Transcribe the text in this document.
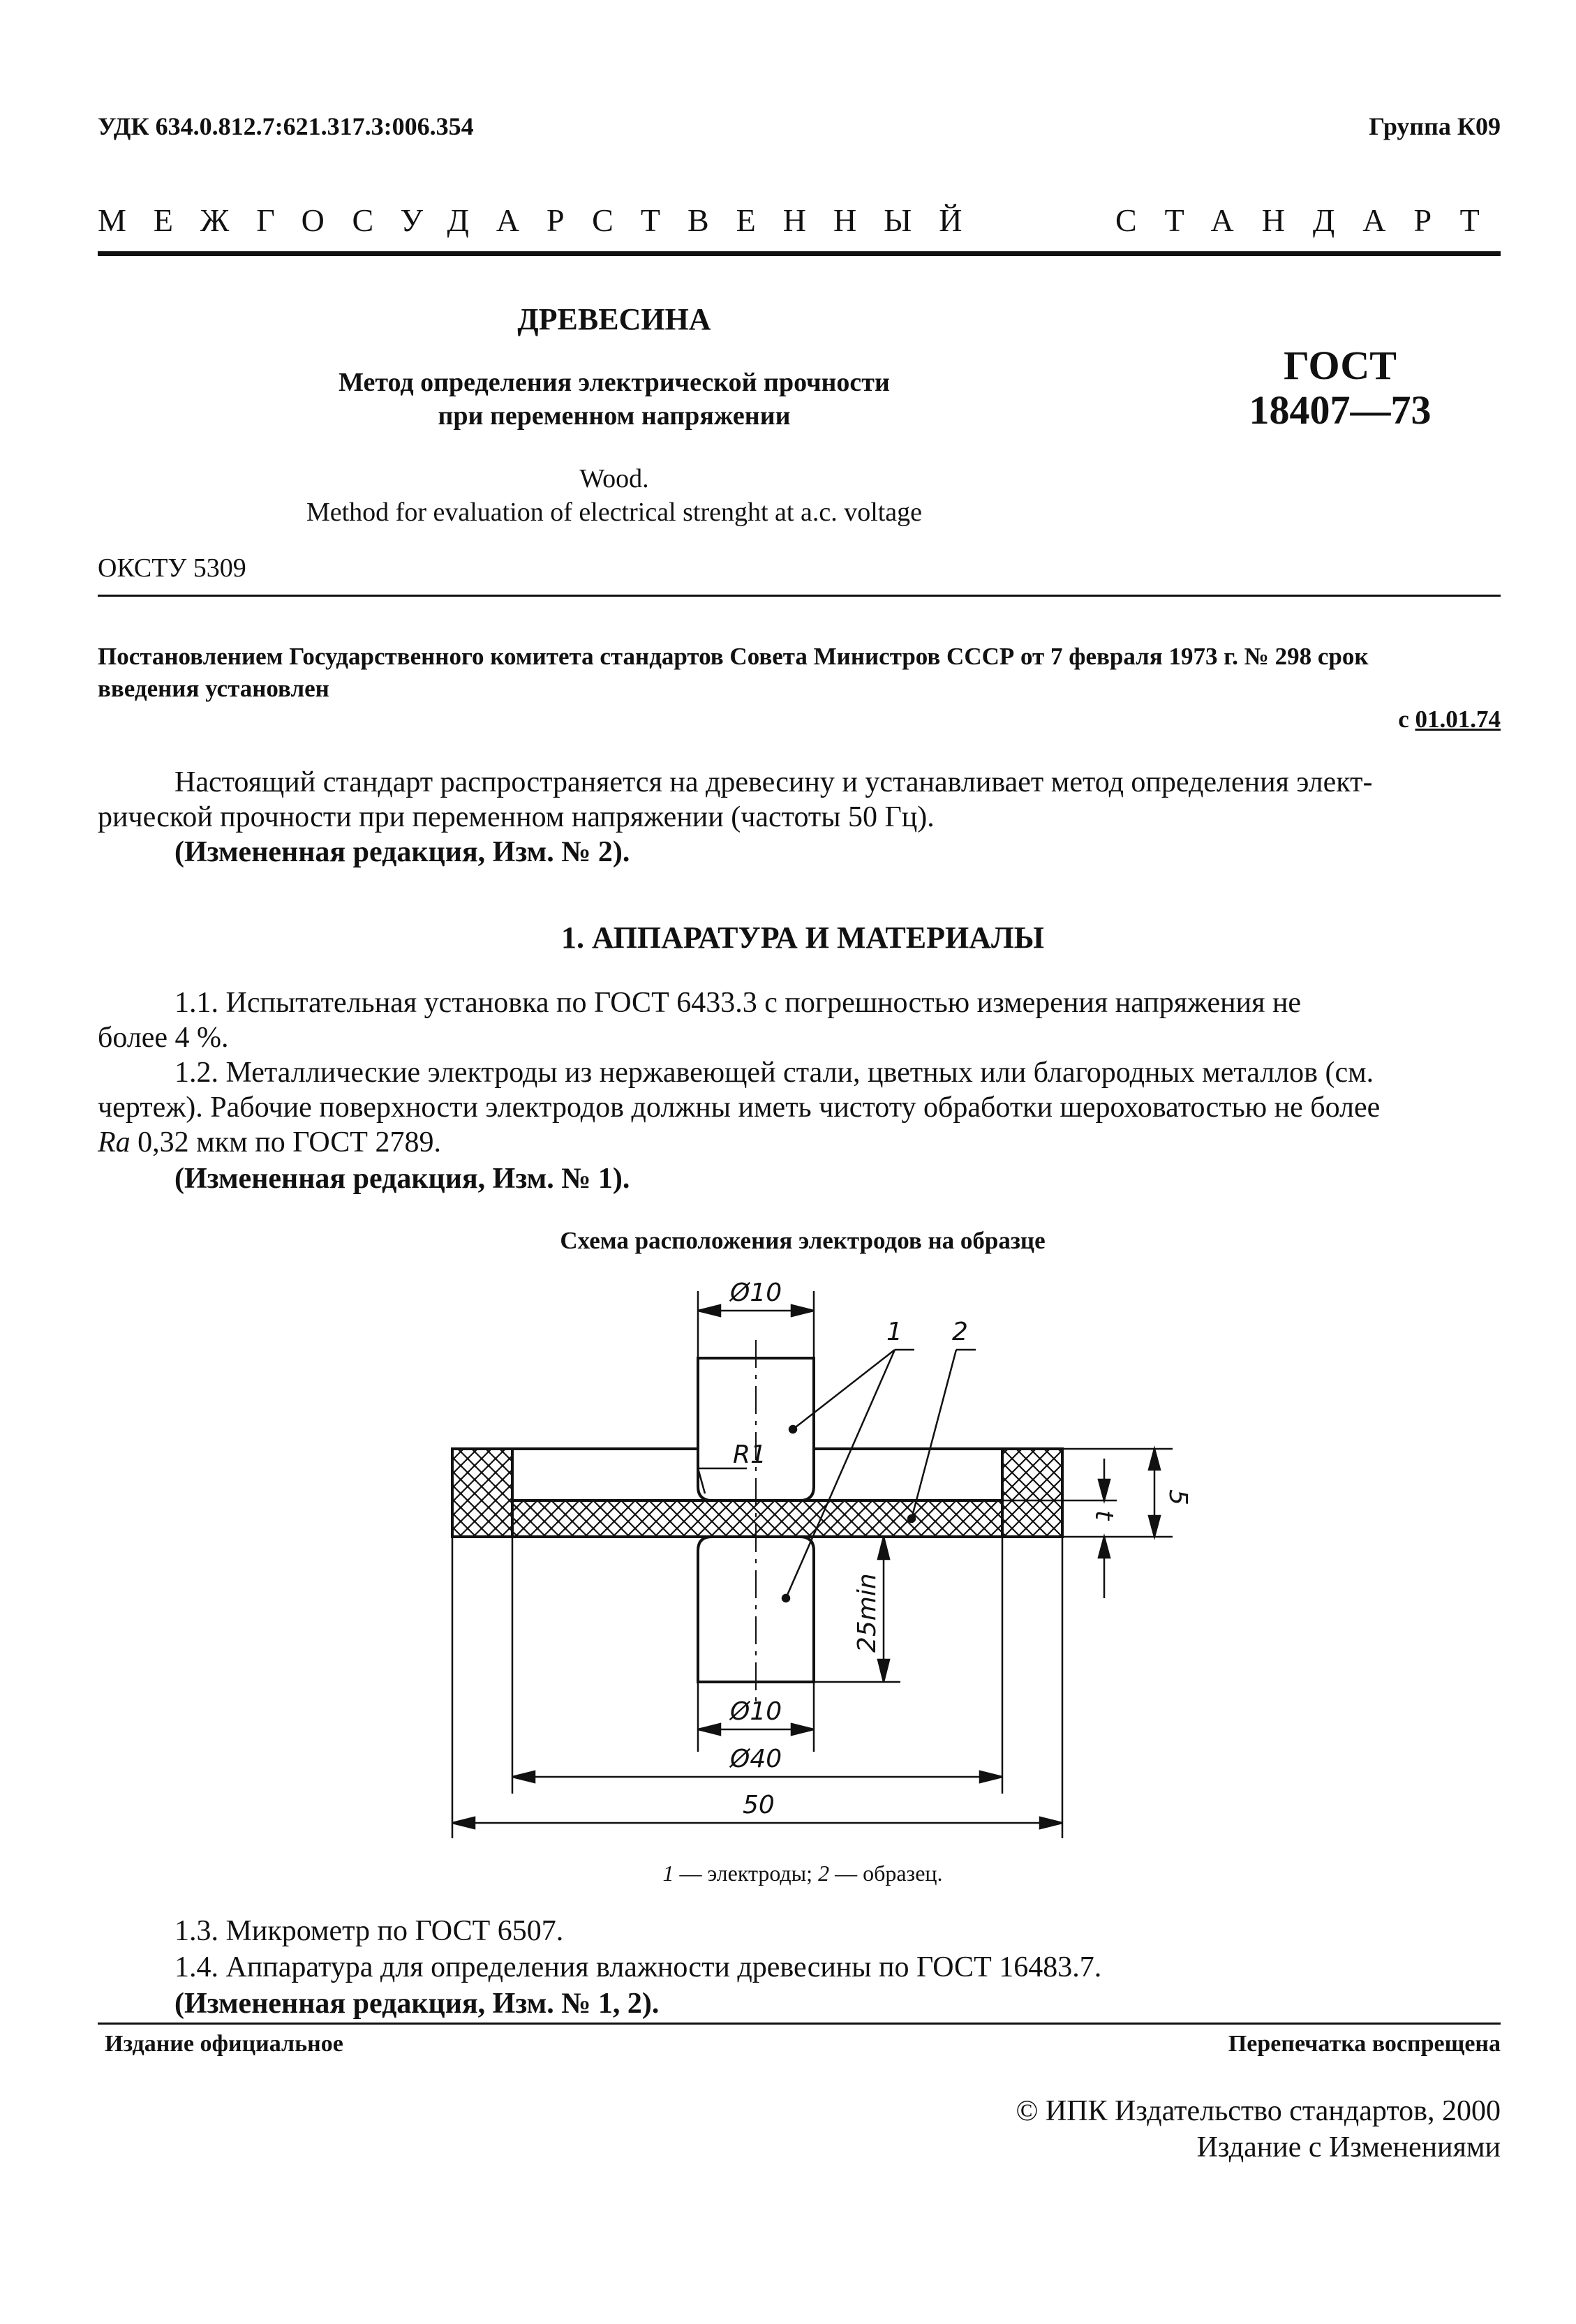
УДК 634.0.812.7:621.317.3:006.354	Группа К09
МЕЖГОСУДАРСТВЕННЫЙ	СТАНДАРТ
ДРЕВЕСИНА
Метод определения электрической прочности
при переменном напряжении
ГОСТ
18407—73
Wood.
Method for evaluation of electrical strenght at a.c. voltage
ОКСТУ 5309
Постановлением Государственного комитета стандартов Совета Министров СССР от 7 февраля 1973 г. № 298 срок
введения установлен
с 01.01.74
Настоящий стандарт распространяется на древесину и устанавливает метод определения элект-
рической прочности при переменном напряжении (частоты 50 Гц).
(Измененная редакция, Изм. № 2).
1. АППАРАТУРА И МАТЕРИАЛЫ
1.1. Испытательная установка по ГОСТ 6433.3 с погрешностью измерения напряжения не
более 4 %.
1.2. Металлические электроды из нержавеющей стали, цветных или благородных металлов (см.
чертеж). Рабочие поверхности электродов должны иметь чистоту обработки шероховатостью не более
Ra 0,32 мкм по ГОСТ 2789.
(Измененная редакция, Изм. № 1).
Схема расположения электродов на образце
Ø10
Ø10
Ø40
50
R1
1 2
5
t
25min
1 — электроды; 2 — образец.
1.3. Микрометр по ГОСТ 6507.
1.4. Аппаратура для определения влажности древесины по ГОСТ 16483.7.
(Измененная редакция, Изм. № 1, 2).
Издание официальное	Перепечатка воспрещена
© ИПК Издательство стандартов, 2000
Издание с Изменениями
